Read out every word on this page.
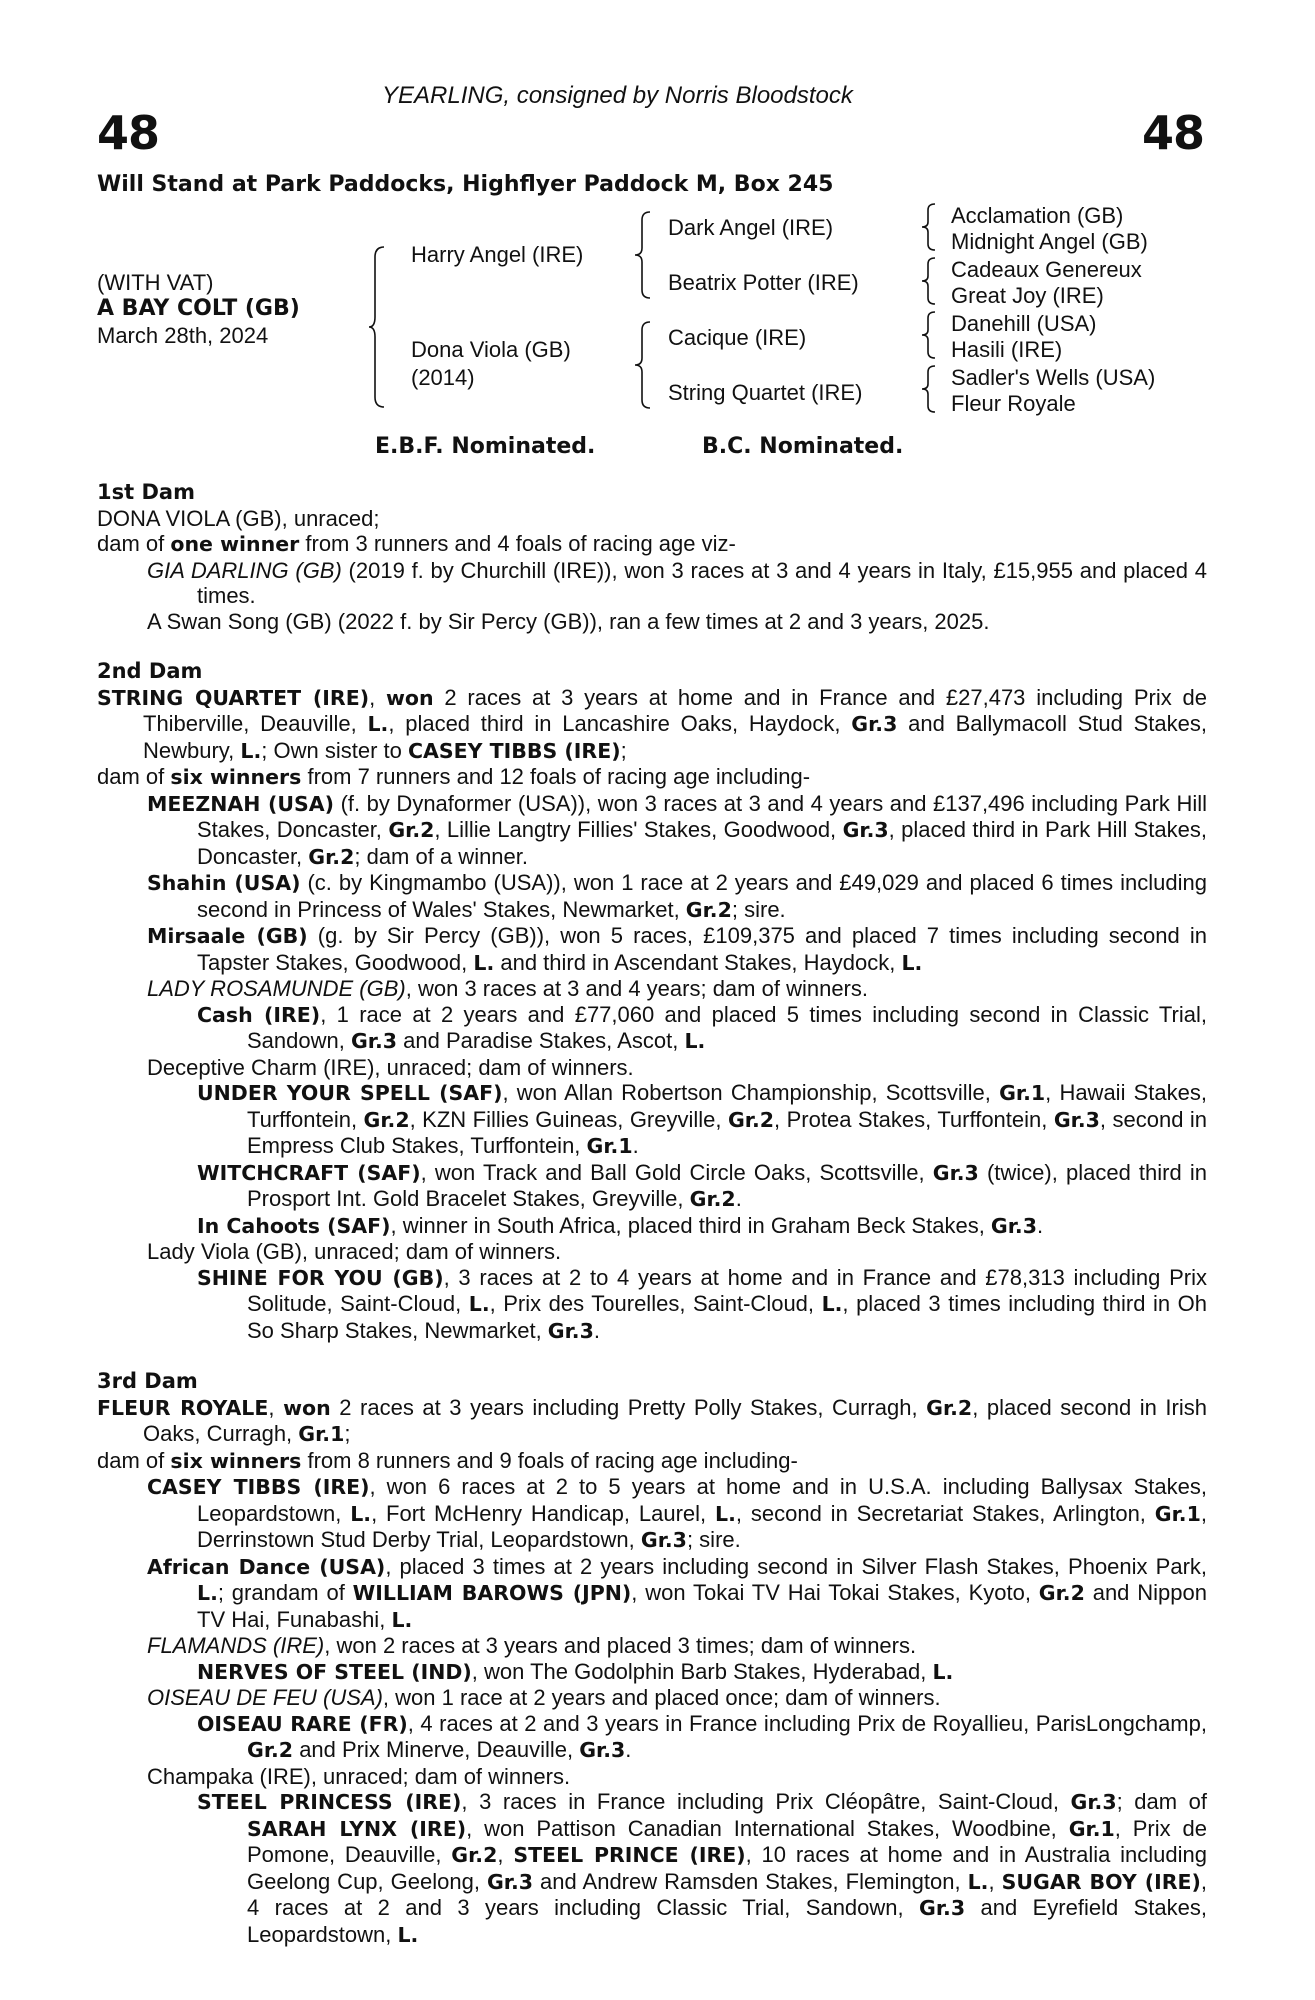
48	48
YEARLING, consigned by Norris Bloodstock
Will Stand at Park Paddocks, Highflyer Paddock M, Box 245
(WITH VAT)
A BAY COLT (GB)
March 28th, 2024
Harry Angel (IRE)
Dona Viola (GB)
(2014)
Dark Angel (IRE)
Beatrix Potter (IRE)
Cacique (IRE)
String Quartet (IRE)
Acclamation (GB)
Midnight Angel (GB)
Cadeaux Genereux
Great Joy (IRE)
Danehill (USA)
Hasili (IRE)
Sadler's Wells (USA)
Fleur Royale
E.B.F. Nominated.	B.C. Nominated.
1st Dam
DONA VIOLA (GB), unraced;
dam of one winner from 3 runners and 4 foals of racing age viz-
GIA DARLING (GB) (2019 f. by Churchill (IRE)), won 3 races at 3 and 4 years in Italy, £15,955 and placed 4 times.
A Swan Song (GB) (2022 f. by Sir Percy (GB)), ran a few times at 2 and 3 years, 2025.
2nd Dam
STRING QUARTET (IRE), won 2 races at 3 years at home and in France and £27,473 including Prix de Thiberville, Deauville, L., placed third in Lancashire Oaks, Haydock, Gr.3 and Ballymacoll Stud Stakes, Newbury, L.; Own sister to CASEY TIBBS (IRE);
dam of six winners from 7 runners and 12 foals of racing age including-
MEEZNAH (USA) (f. by Dynaformer (USA)), won 3 races at 3 and 4 years and £137,496 including Park Hill Stakes, Doncaster, Gr.2, Lillie Langtry Fillies' Stakes, Goodwood, Gr.3, placed third in Park Hill Stakes, Doncaster, Gr.2; dam of a winner.
Shahin (USA) (c. by Kingmambo (USA)), won 1 race at 2 years and £49,029 and placed 6 times including second in Princess of Wales' Stakes, Newmarket, Gr.2; sire.
Mirsaale (GB) (g. by Sir Percy (GB)), won 5 races, £109,375 and placed 7 times including second in Tapster Stakes, Goodwood, L. and third in Ascendant Stakes, Haydock, L.
LADY ROSAMUNDE (GB), won 3 races at 3 and 4 years; dam of winners.
Cash (IRE), 1 race at 2 years and £77,060 and placed 5 times including second in Classic Trial, Sandown, Gr.3 and Paradise Stakes, Ascot, L.
Deceptive Charm (IRE), unraced; dam of winners.
UNDER YOUR SPELL (SAF), won Allan Robertson Championship, Scottsville, Gr.1, Hawaii Stakes, Turffontein, Gr.2, KZN Fillies Guineas, Greyville, Gr.2, Protea Stakes, Turffontein, Gr.3, second in Empress Club Stakes, Turffontein, Gr.1.
WITCHCRAFT (SAF), won Track and Ball Gold Circle Oaks, Scottsville, Gr.3 (twice), placed third in Prosport Int. Gold Bracelet Stakes, Greyville, Gr.2.
In Cahoots (SAF), winner in South Africa, placed third in Graham Beck Stakes, Gr.3.
Lady Viola (GB), unraced; dam of winners.
SHINE FOR YOU (GB), 3 races at 2 to 4 years at home and in France and £78,313 including Prix Solitude, Saint-Cloud, L., Prix des Tourelles, Saint-Cloud, L., placed 3 times including third in Oh So Sharp Stakes, Newmarket, Gr.3.
3rd Dam
FLEUR ROYALE, won 2 races at 3 years including Pretty Polly Stakes, Curragh, Gr.2, placed second in Irish Oaks, Curragh, Gr.1;
dam of six winners from 8 runners and 9 foals of racing age including-
CASEY TIBBS (IRE), won 6 races at 2 to 5 years at home and in U.S.A. including Ballysax Stakes, Leopardstown, L., Fort McHenry Handicap, Laurel, L., second in Secretariat Stakes, Arlington, Gr.1, Derrinstown Stud Derby Trial, Leopardstown, Gr.3; sire.
African Dance (USA), placed 3 times at 2 years including second in Silver Flash Stakes, Phoenix Park, L.; grandam of WILLIAM BAROWS (JPN), won Tokai TV Hai Tokai Stakes, Kyoto, Gr.2 and Nippon TV Hai, Funabashi, L.
FLAMANDS (IRE), won 2 races at 3 years and placed 3 times; dam of winners.
NERVES OF STEEL (IND), won The Godolphin Barb Stakes, Hyderabad, L.
OISEAU DE FEU (USA), won 1 race at 2 years and placed once; dam of winners.
OISEAU RARE (FR), 4 races at 2 and 3 years in France including Prix de Royallieu, ParisLongchamp, Gr.2 and Prix Minerve, Deauville, Gr.3.
Champaka (IRE), unraced; dam of winners.
STEEL PRINCESS (IRE), 3 races in France including Prix Cléopâtre, Saint-Cloud, Gr.3; dam of SARAH LYNX (IRE), won Pattison Canadian International Stakes, Woodbine, Gr.1, Prix de Pomone, Deauville, Gr.2, STEEL PRINCE (IRE), 10 races at home and in Australia including Geelong Cup, Geelong, Gr.3 and Andrew Ramsden Stakes, Flemington, L., SUGAR BOY (IRE), 4 races at 2 and 3 years including Classic Trial, Sandown, Gr.3 and Eyrefield Stakes, Leopardstown, L.
